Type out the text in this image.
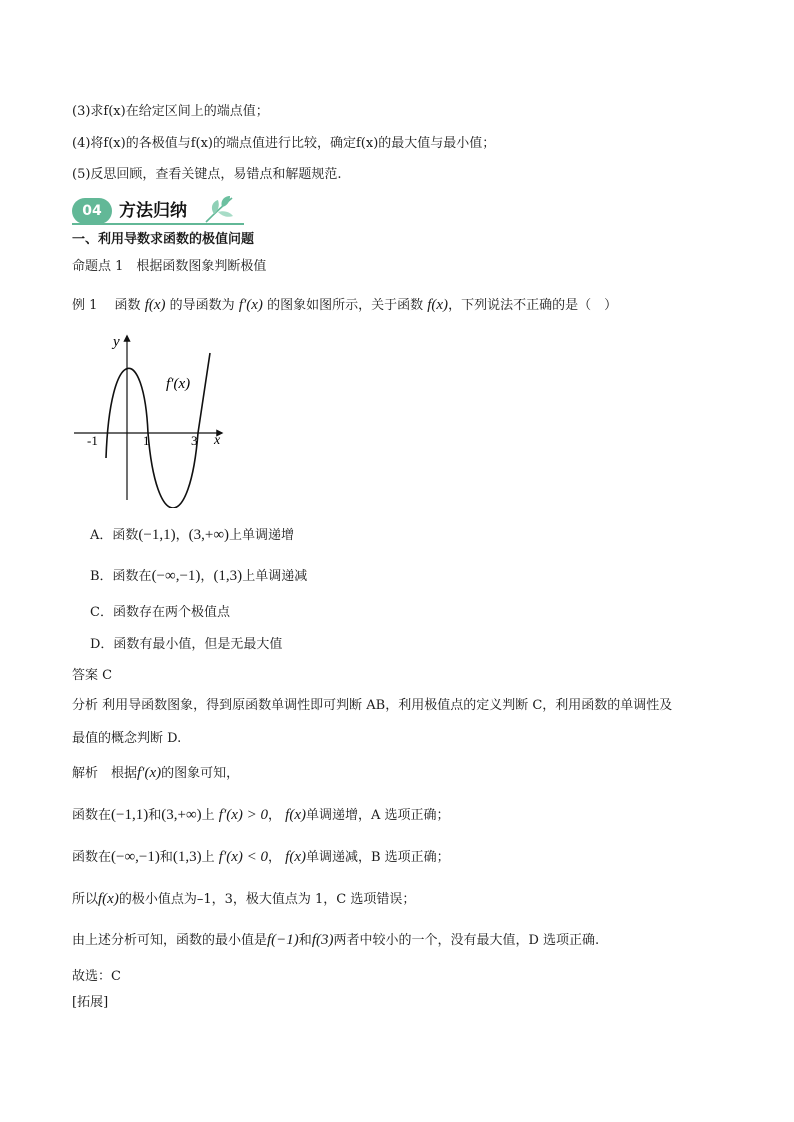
(3)求f(x)在给定区间上的端点值；
(4)将f(x)的各极值与f(x)的端点值进行比较，确定f(x)的最大值与最小值；
(5)反思回顾，查看关键点，易错点和解题规范.
04	方法归纳
一、利用导数求函数的极值问题
命题点 1　根据函数图象判断极值
例 1　 函数 f(x) 的导函数为 f′(x) 的图象如图所示，关于函数 f(x)，下列说法不正确的是（　）
y
x
f′(x)
-1	1	3
A．函数(−1,1)，(3,+∞)上单调递增
B．函数在(−∞,−1)，(1,3)上单调递减
C．函数存在两个极值点
D．函数有最小值，但是无最大值
答案 C
分析 利用导函数图象，得到原函数单调性即可判断 AB，利用极值点的定义判断 C，利用函数的单调性及
最值的概念判断 D.
解析　根据f′(x)的图象可知，
函数在(−1,1)和(3,+∞)上 f′(x) > 0， f(x)单调递增，A 选项正确；
函数在(−∞,−1)和(1,3)上 f′(x) < 0， f(x)单调递减，B 选项正确；
所以f(x)的极小值点为–1，3，极大值点为 1，C 选项错误；
由上述分析可知，函数的最小值是f(−1)和f(3)两者中较小的一个，没有最大值，D 选项正确.
故选：C
[拓展]
